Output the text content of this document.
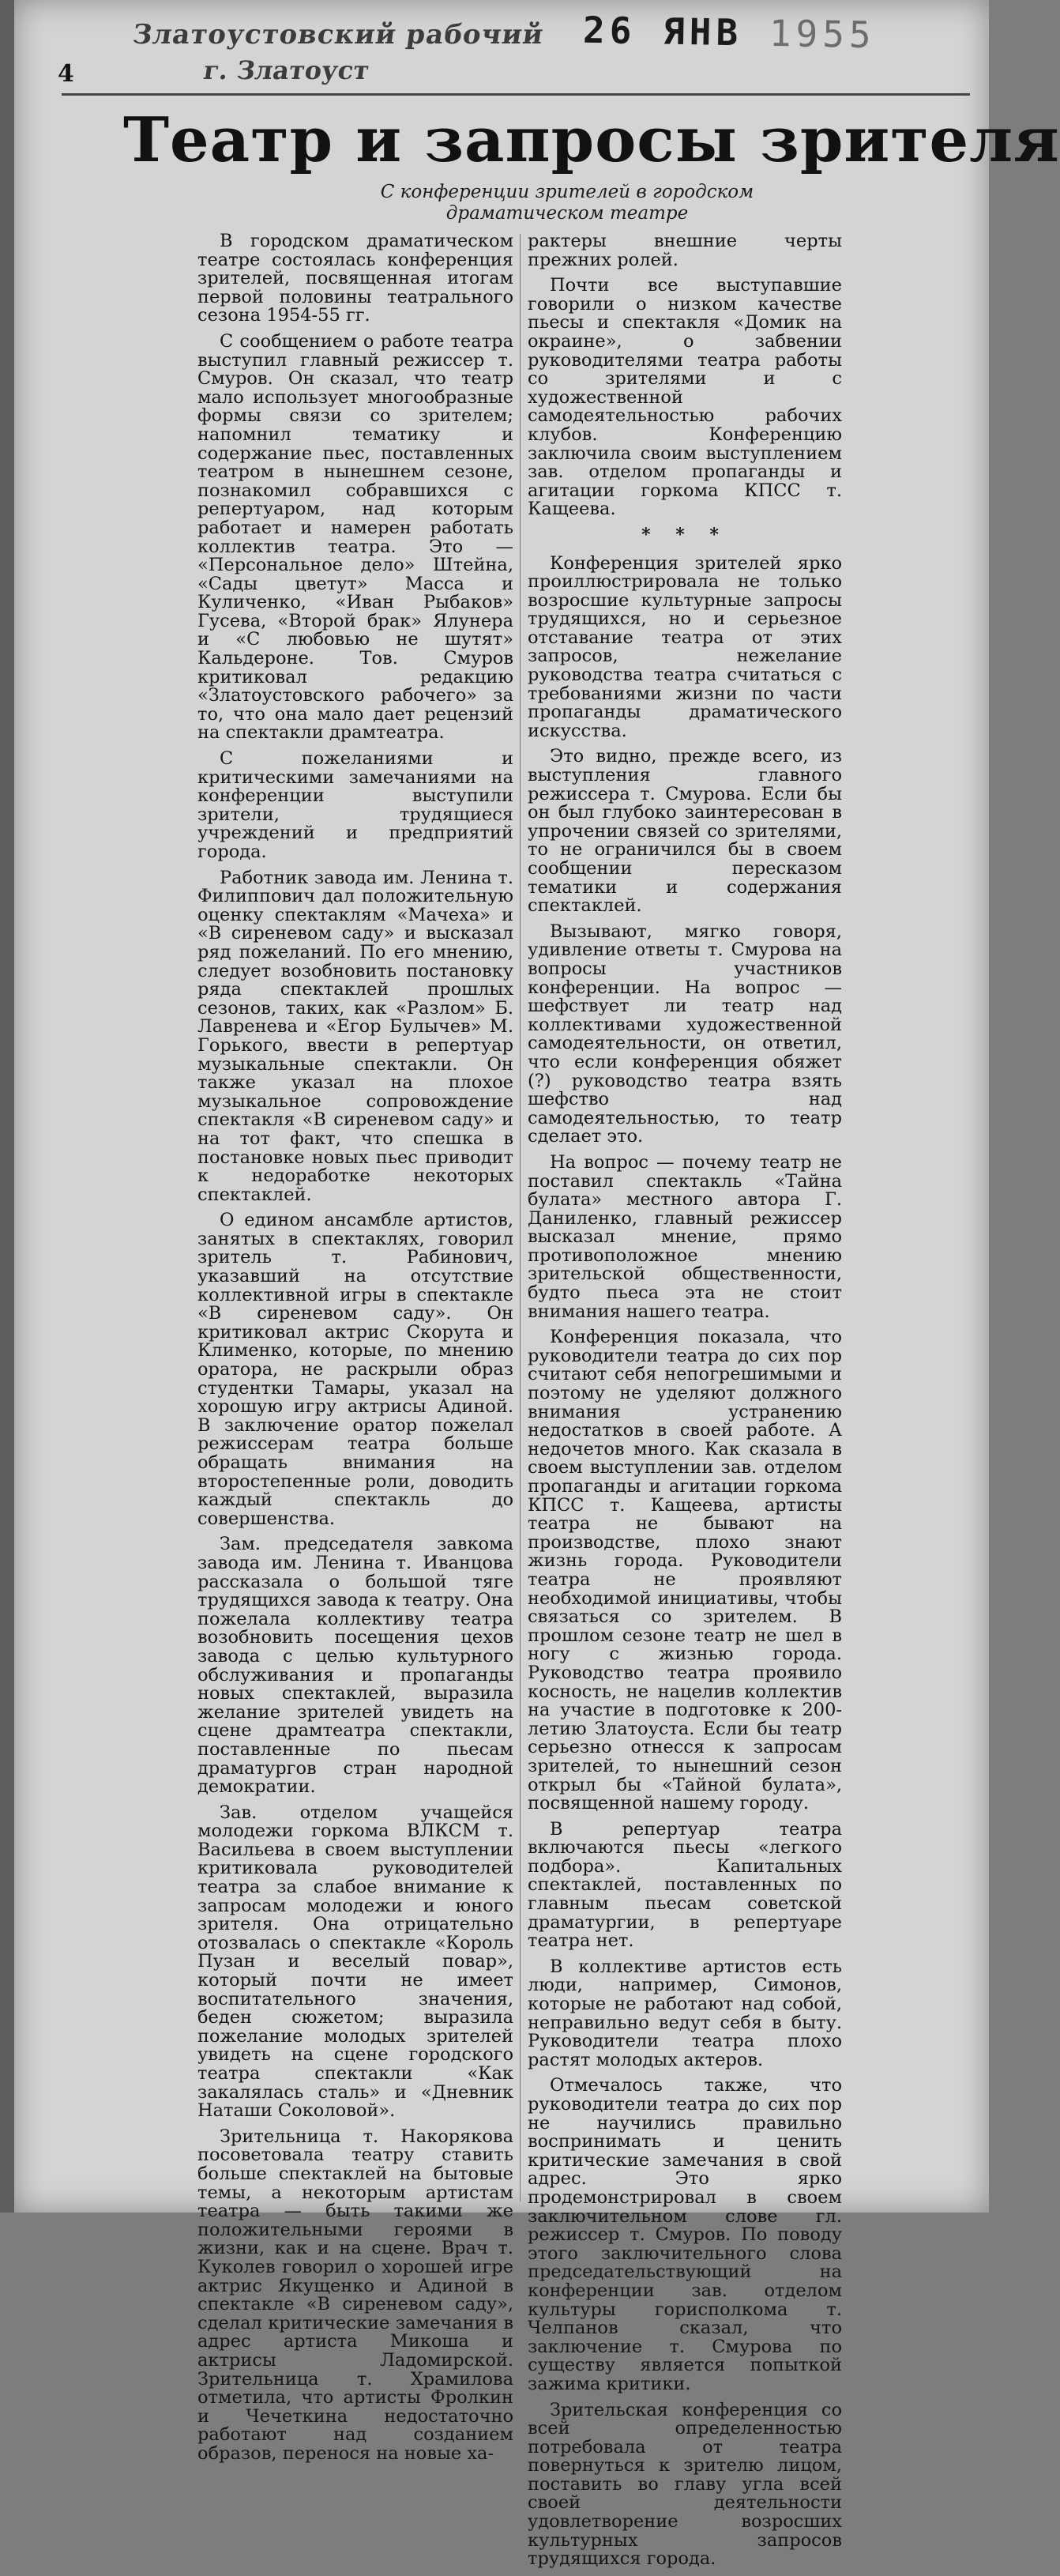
Златоустовский рабочий
4	г. Златоуст
26 ЯНВ 1955
Театр и запросы зрителя
С конференции зрителей в городском драматическом театре

В городском драматическом театре состоялась конференция зрителей, посвященная итогам первой половины театрального сезона 1954-55 гг.

С сообщением о работе театра выступил главный режиссер т. Смуров. Он сказал, что театр мало использует многообразные формы связи со зрителем; напомнил тематику и содержание пьес, поставленных театром в нынешнем сезоне, познакомил собравшихся с репертуаром, над которым работает и намерен работать коллектив театра. Это — «Персональное дело» Штейна, «Сады цветут» Масса и Куличенко, «Иван Рыбаков» Гусева, «Второй брак» Ялунера и «С любовью не шутят» Кальдероне. Тов. Смуров критиковал редакцию «Златоустовского рабочего» за то, что она мало дает рецензий на спектакли драмтеатра.

С пожеланиями и критическими замечаниями на конференции выступили зрители, трудящиеся учреждений и предприятий города.

Работник завода им. Ленина т. Филиппович дал положительную оценку спектаклям «Мачеха» и «В сиреневом саду» и высказал ряд пожеланий. По его мнению, следует возобновить постановку ряда спектаклей прошлых сезонов, таких, как «Разлом» Б. Лавренева и «Егор Булычев» М. Горького, ввести в репертуар музыкальные спектакли. Он также указал на плохое музыкальное сопровождение спектакля «В сиреневом саду» и на тот факт, что спешка в постановке новых пьес приводит к недоработке некоторых спектаклей.

О едином ансамбле артистов, занятых в спектаклях, говорил зритель т. Рабинович, указавший на отсутствие коллективной игры в спектакле «В сиреневом саду». Он критиковал актрис Скорута и Клименко, которые, по мнению оратора, не раскрыли образ студентки Тамары, указал на хорошую игру актрисы Адиной. В заключение оратор пожелал режиссерам театра больше обращать внимания на второстепенные роли, доводить каждый спектакль до совершенства.

Зам. председателя завкома завода им. Ленина т. Иванцова рассказала о большой тяге трудящихся завода к театру. Она пожелала коллективу театра возобновить посещения цехов завода с целью культурного обслуживания и пропаганды новых спектаклей, выразила желание зрителей увидеть на сцене драмтеатра спектакли, поставленные по пьесам драматургов стран народной демократии.

Зав. отделом учащейся молодежи горкома ВЛКСМ т. Васильева в своем выступлении критиковала руководителей театра за слабое внимание к запросам молодежи и юного зрителя. Она отрицательно отозвалась о спектакле «Король Пузан и веселый повар», который почти не имеет воспитательного значения, беден сюжетом; выразила пожелание молодых зрителей увидеть на сцене городского театра спектакли «Как закалялась сталь» и «Дневник Наташи Соколовой».

Зрительница т. Накорякова посоветовала театру ставить больше спектаклей на бытовые темы, а некоторым артистам театра — быть такими же положительными героями в жизни, как и на сцене. Врач т. Куколев говорил о хорошей игре актрис Якущенко и Адиной в спектакле «В сиреневом саду», сделал критические замечания в адрес артиста Микоша и актрисы Ладомирской. Зрительница т. Храмилова отметила, что артисты Фролкин и Чечеткина недостаточно работают над созданием образов, перенося на новые ха-

рактеры внешние черты прежних ролей.

Почти все выступавшие говорили о низком качестве пьесы и спектакля «Домик на окраине», о забвении руководителями театра работы со зрителями и с художественной самодеятельностью рабочих клубов. Конференцию заключила своим выступлением зав. отделом пропаганды и агитации горкома КПСС т. Кащеева.

* * *

Конференция зрителей ярко проиллюстрировала не только возросшие культурные запросы трудящихся, но и серьезное отставание театра от этих запросов, нежелание руководства театра считаться с требованиями жизни по части пропаганды драматического искусства.

Это видно, прежде всего, из выступления главного режиссера т. Смурова. Если бы он был глубоко заинтересован в упрочении связей со зрителями, то не ограничился бы в своем сообщении пересказом тематики и содержания спектаклей.

Вызывают, мягко говоря, удивление ответы т. Смурова на вопросы участников конференции. На вопрос — шефствует ли театр над коллективами художественной самодеятельности, он ответил, что если конференция обяжет (?) руководство театра взять шефство над самодеятельностью, то театр сделает это.

На вопрос — почему театр не поставил спектакль «Тайна булата» местного автора Г. Даниленко, главный режиссер высказал мнение, прямо противоположное мнению зрительской общественности, будто пьеса эта не стоит внимания нашего театра.

Конференция показала, что руководители театра до сих пор считают себя непогрешимыми и поэтому не уделяют должного внимания устранению недостатков в своей работе. А недочетов много. Как сказала в своем выступлении зав. отделом пропаганды и агитации горкома КПСС т. Кащеева, артисты театра не бывают на производстве, плохо знают жизнь города. Руководители театра не проявляют необходимой инициативы, чтобы связаться со зрителем. В прошлом сезоне театр не шел в ногу с жизнью города. Руководство театра проявило косность, не нацелив коллектив на участие в подготовке к 200-летию Златоуста. Если бы театр серьезно отнесся к запросам зрителей, то нынешний сезон открыл бы «Тайной булата», посвященной нашему городу.

В репертуар театра включаются пьесы «легкого подбора». Капитальных спектаклей, поставленных по главным пьесам советской драматургии, в репертуаре театра нет.

В коллективе артистов есть люди, например, Симонов, которые не работают над собой, неправильно ведут себя в быту. Руководители театра плохо растят молодых актеров.

Отмечалось также, что руководители театра до сих пор не научились правильно воспринимать и ценить критические замечания в свой адрес. Это ярко продемонстрировал в своем заключительном слове гл. режиссер т. Смуров. По поводу этого заключительного слова председательствующий на конференции зав. отделом культуры горисполкома т. Челпанов сказал, что заключение т. Смурова по существу является попыткой зажима критики.

Зрительская конференция со всей определенностью потребовала от театра повернуться к зрителю лицом, поставить во главу угла всей своей деятельности удовлетворение возросших культурных запросов трудящихся города.
